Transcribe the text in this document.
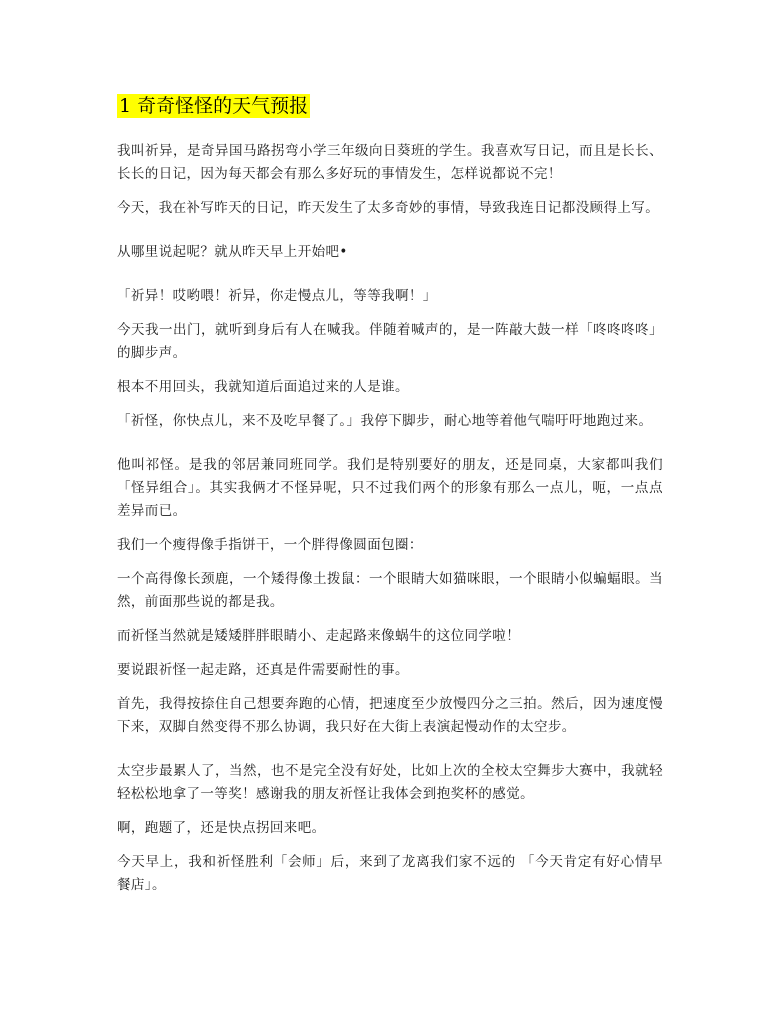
1 奇奇怪怪的天气预报

我叫祈异，是奇异国马路拐弯小学三年级向日葵班的学生。我喜欢写日记，而且是长长、长长的日记，因为每天都会有那么多好玩的事情发生，怎样说都说不完！

今天，我在补写昨天的日记，昨天发生了太多奇妙的事情，导致我连日记都没顾得上写。

从哪里说起呢？就从昨天早上开始吧•

「祈异！哎哟喂！祈异，你走慢点儿，等等我啊！」

今天我一出门，就听到身后有人在喊我。伴随着喊声的，是一阵敲大鼓一样「咚咚咚咚」的脚步声。

根本不用回头，我就知道后面追过来的人是谁。

「祈怪，你快点儿，来不及吃早餐了。」我停下脚步，耐心地等着他气喘吁吁地跑过来。

他叫祁怪。是我的邻居兼同班同学。我们是特别要好的朋友，还是同桌，大家都叫我们 「怪异组合」。其实我俩才不怪异呢，只不过我们两个的形象有那么一点儿，呃，一点点差异而已。

我们一个瘦得像手指饼干，一个胖得像圆面包圈：

一个高得像长颈鹿，一个矮得像土拨鼠：一个眼睛大如猫咪眼，一个眼睛小似蝙蝠眼。当然，前面那些说的都是我。

而祈怪当然就是矮矮胖胖眼睛小、走起路来像蜗牛的这位同学啦！

要说跟祈怪一起走路，还真是件需要耐性的事。

首先，我得按捺住自己想要奔跑的心情，把速度至少放慢四分之三拍。然后，因为速度慢下来，双脚自然变得不那么协调，我只好在大街上表演起慢动作的太空步。

太空步最累人了，当然，也不是完全没有好处，比如上次的全校太空舞步大赛中，我就轻轻松松地拿了一等奖！感谢我的朋友祈怪让我体会到抱奖杯的感觉。

啊，跑题了，还是快点拐回来吧。

今天早上，我和祈怪胜利「会师」后，来到了龙离我们家不远的 「今天肯定有好心情早餐店」。
